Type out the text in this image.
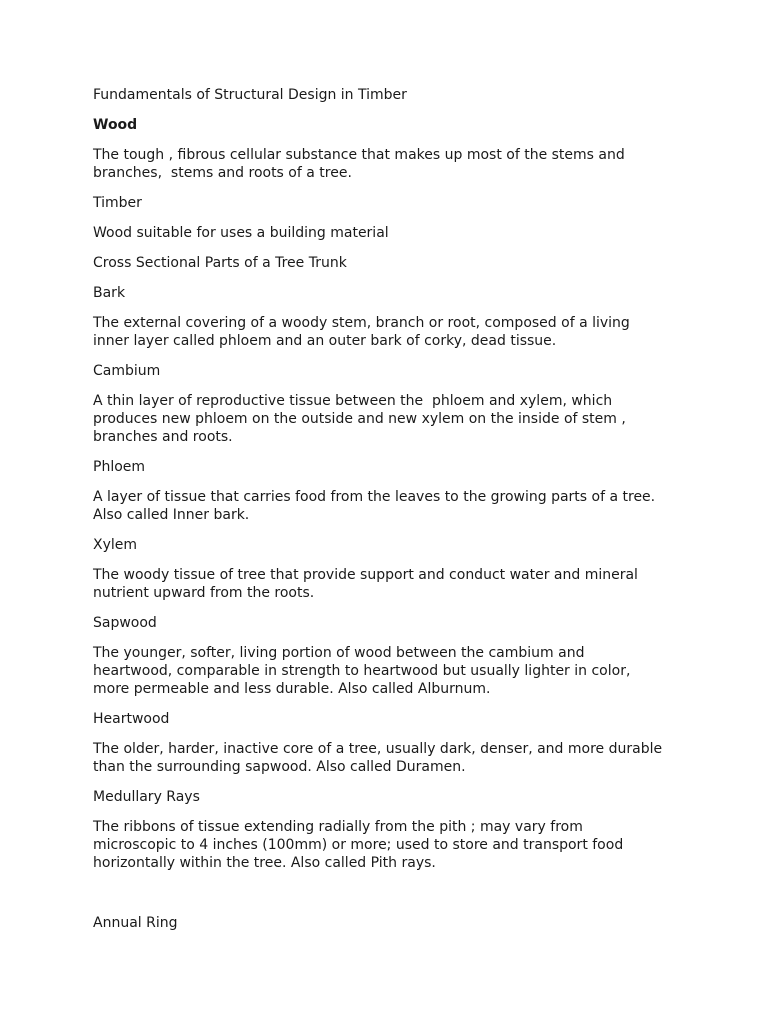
Fundamentals of Structural Design in Timber
Wood
The tough , fibrous cellular substance that makes up most of the stems and
branches,  stems and roots of a tree.
Timber
Wood suitable for uses a building material
Cross Sectional Parts of a Tree Trunk
Bark
The external covering of a woody stem, branch or root, composed of a living
inner layer called phloem and an outer bark of corky, dead tissue.
Cambium
A thin layer of reproductive tissue between the  phloem and xylem, which
produces new phloem on the outside and new xylem on the inside of stem ,
branches and roots.
Phloem
A layer of tissue that carries food from the leaves to the growing parts of a tree.
Also called Inner bark.
Xylem
The woody tissue of tree that provide support and conduct water and mineral
nutrient upward from the roots.
Sapwood
The younger, softer, living portion of wood between the cambium and
heartwood, comparable in strength to heartwood but usually lighter in color,
more permeable and less durable. Also called Alburnum.
Heartwood
The older, harder, inactive core of a tree, usually dark, denser, and more durable
than the surrounding sapwood. Also called Duramen.
Medullary Rays
The ribbons of tissue extending radially from the pith ; may vary from
microscopic to 4 inches (100mm) or more; used to store and transport food
horizontally within the tree. Also called Pith rays.
Annual Ring
